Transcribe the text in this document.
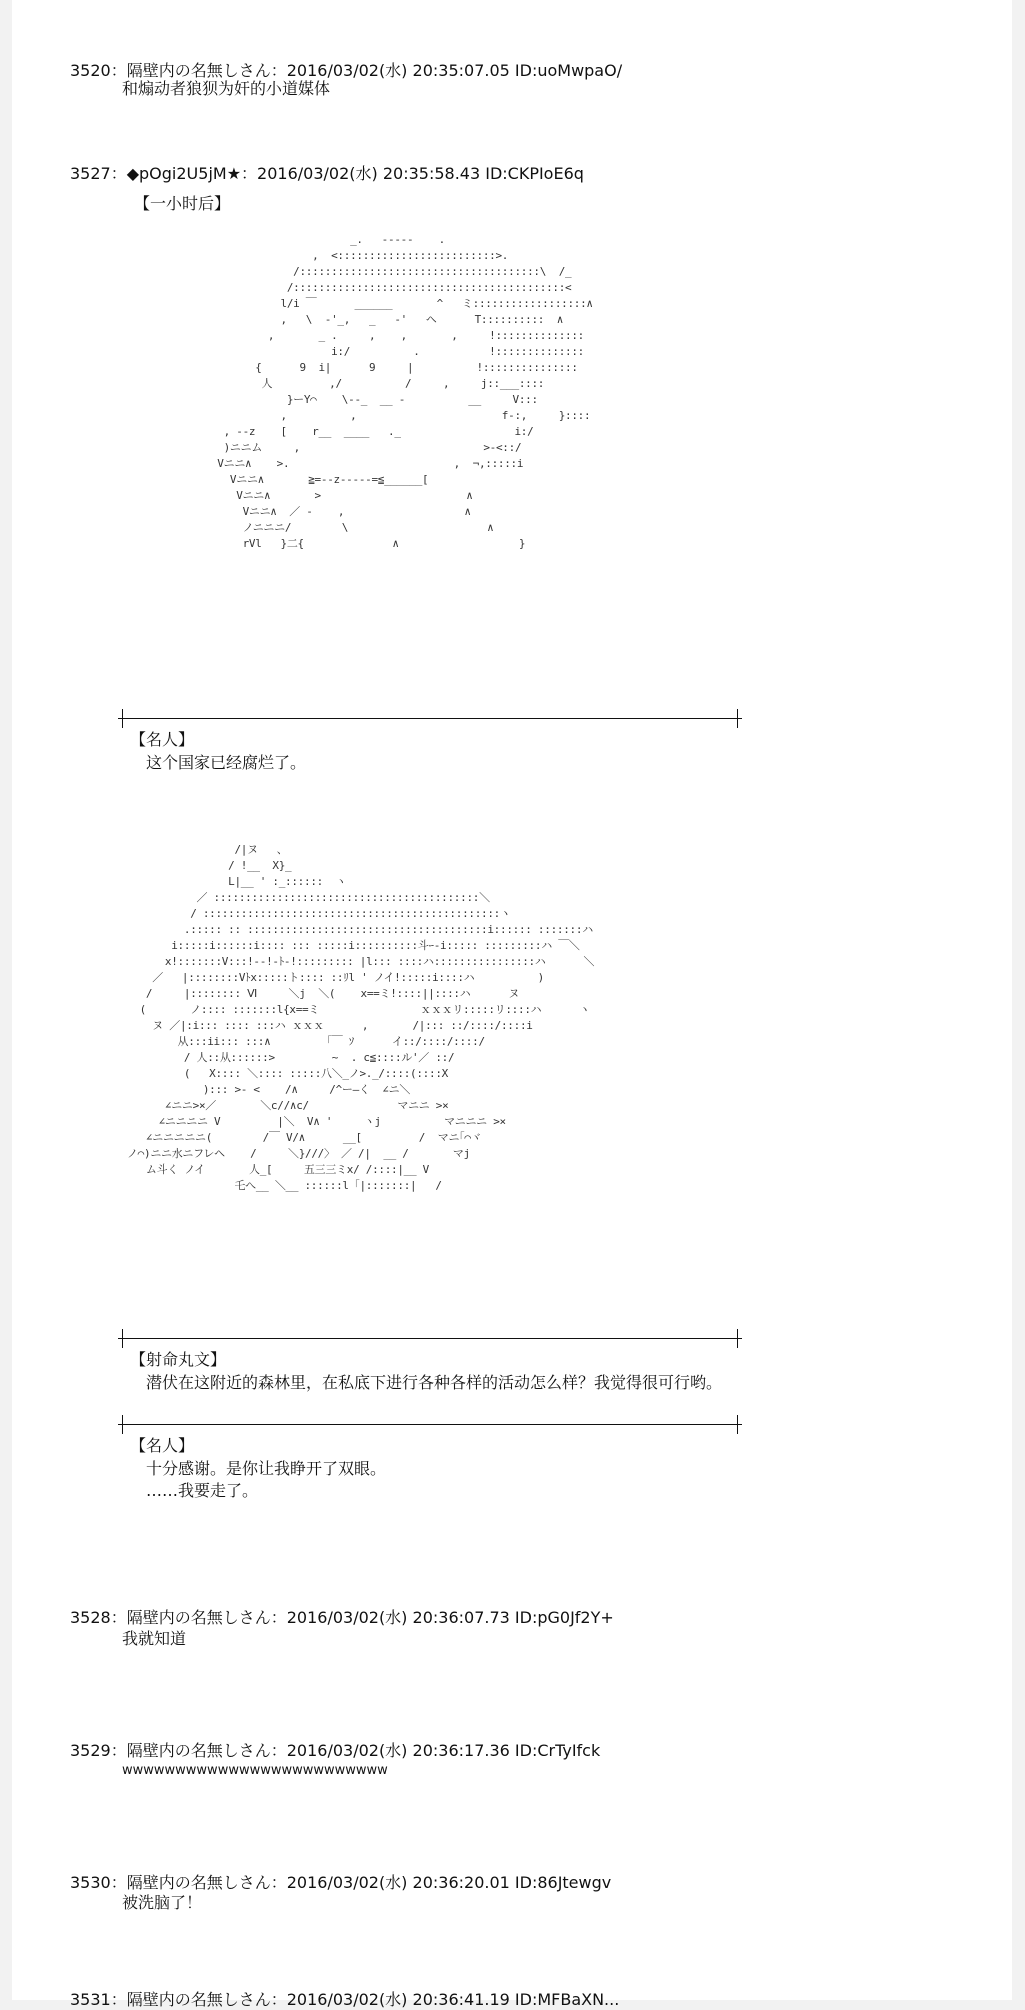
3520：隔壁内の名無しさん：2016/03/02(水) 20:35:07.05 ID:uoMwpaO/
和煽动者狼狈为奸的小道媒体
3527：◆pOgi2U5jM★：2016/03/02(水) 20:35:58.43 ID:CKPIoE6q
【一小时后】
_.   -----    .
,  <:::::::::::::::::::::::::>.
/::::::::::::::::::::::::::::::::::::::\  /_
/:::::::::::::::::::::::::::::::::::::::::::<
l/i ￣      ______       ^   ミ::::::::::::::::::∧
,   \  -'_,   _   -'   ヘ      T::::::::::  ∧
,       _ .     ,    ,       ,     !::::::::::::::
i:/          .           !::::::::::::::
{      9  i|      9     |          !:::::::::::::::
人         ,/          /     ,     j::___::::
}ーY⌒    \--_  __ -          __     V:::
,          ,                       f-:,     }::::
, --z    [    r__  ____   ._                  i:/
)ニニム     ,                             >-<::/
Vニニ∧    >.                          ,  ¬,:::::i
Vニニ∧       ≧=--z-----=≦______[
Vニニ∧       >                       ∧
Vニニ∧  ／ -    ,                   ∧
ノニニニ/        \                      ∧
rVl   }二{              ∧                   }
【名人】
这个国家已经腐烂了。
/|ヌ   、
/ !__  X}_
L|__ ' :_::::::  ヽ
／ ::::::::::::::::::::::::::::::::::::::::::＼
/ :::::::::::::::::::::::::::::::::::::::::::::::ヽ
.::::: :: ::::::::::::::::::::::::::::::::::::::i:::::: :::::::ハ
i:::::i::::::i:::: ::: :::::i::::::::::斗ｰ-i::::: :::::::::ハ ￣＼
x!:::::::V:::!--!-ﾄ-!::::::::: |l::: ::::ハ::::::::::::::::ハ      ＼
／   |::::::::Vﾄx:::::ト:::: ::ﾘl ' ノイ!:::::i::::ハ          )
/     |:::::::: Ⅵ     ＼j  ＼(    x==ミ!::::||::::ハ      ヌ
(       ノ:::: :::::::l{x==ミ                ｘｘｘリ:::::リ::::ハ      ヽ
ヌ ／|:i::: :::: :::ハ ｘｘｘ      ,       /|::: ::/::::/::::i
从:::ii::: :::∧        「￣ ｿ      イ::/::::/::::/
/ 人::从::::::>         ~  . c≦::::ル'／ ::/
(   X:::: ＼:::: :::::八＼_ノ>._/::::(::::X
)::: >- <    /∧     /^ー—く  ∠ニ＼
∠ニニ>×／       ＼c//∧c/              マニニ >×
∠ニニニニ V         |＼  V∧ '     ヽj          マニニニ >×
∠ニニニニニ(        /￣ V/∧      __[         /  マニ｢⌒ヾ
ノ⌒)ニニ水ニフレヘ    /     ＼}///〉 ／ /|  __ /       マj
ム斗く ノイ       人_[     五三三ミx/ /::::|__ V
乇へ__ ＼__ ::::::l「|:::::::|   /
【射命丸文】
潜伏在这附近的森林里，在私底下进行各种各样的活动怎么样？我觉得很可行哟。
【名人】
十分感谢。是你让我睁开了双眼。
……我要走了。
3528：隔壁内の名無しさん：2016/03/02(水) 20:36:07.73 ID:pG0Jf2Y+
我就知道
3529：隔壁内の名無しさん：2016/03/02(水) 20:36:17.36 ID:CrTyIfck
wwwwwwwwwwwwwwwwwwwwwwwww
3530：隔壁内の名無しさん：2016/03/02(水) 20:36:20.01 ID:86Jtewgv
被洗脑了！
3531：隔壁内の名無しさん：2016/03/02(水) 20:36:41.19 ID:MFBaXN...
